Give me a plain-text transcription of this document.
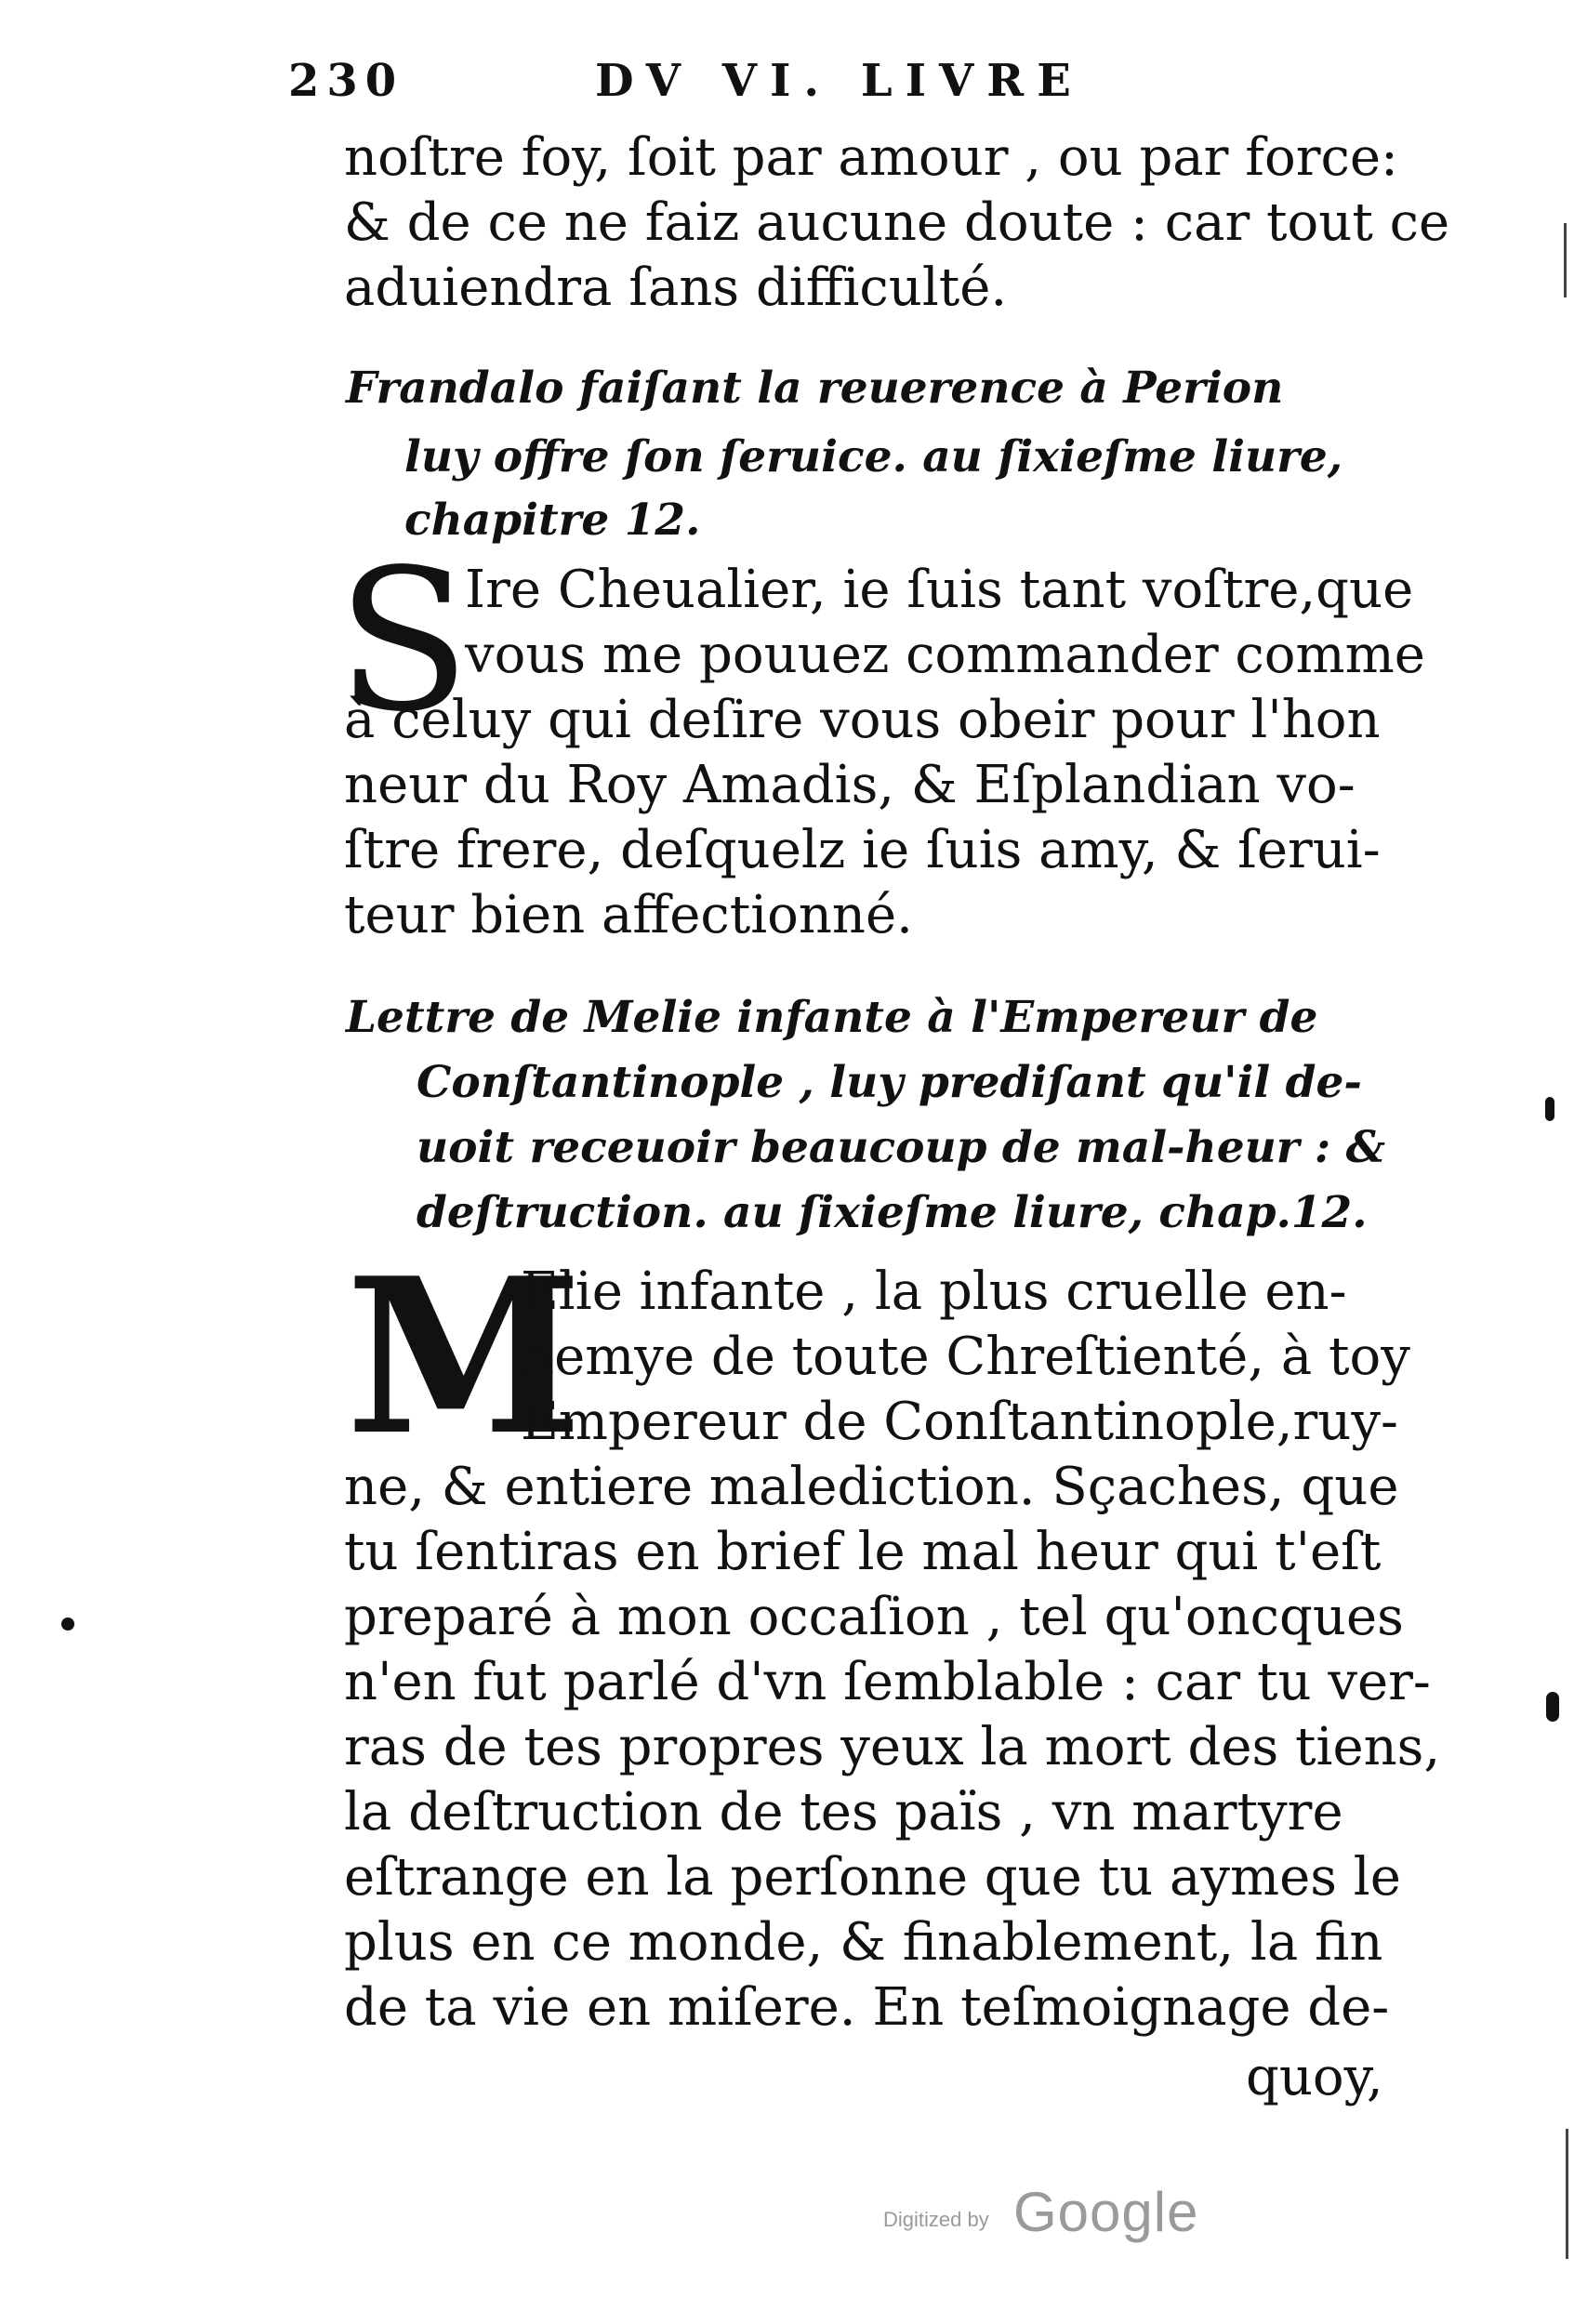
230	DV VI. LIVRE
noſtre foy, ſoit par amour , ou par force:
& de ce ne faiz aucune doute : car tout ce
aduiendra ſans difficulté.
Frandalo faiſant la reuerence à Perion
luy offre ſon ſeruice. au ſixieſme liure,
chapitre 12.
S
Ire Cheualier, ie ſuis tant voſtre,que
vous me pouuez commander comme
à celuy qui deſire vous obeir pour l'hon
neur du Roy Amadis, & Eſplandian vo-
ſtre frere, deſquelz ie ſuis amy, & ſerui-
teur bien affectionné.
Lettre de Melie infante à l'Empereur de
Conſtantinople , luy prediſant qu'il de-
uoit receuoir beaucoup de mal-heur : &
deſtruction. au ſixieſme liure, chap.12.
M
Elie infante , la plus cruelle en-
nemye de toute Chreſtienté, à toy
Empereur de Conſtantinople,ruy-
ne, & entiere malediction. Sçaches, que
tu ſentiras en brief le mal heur qui t'eſt
preparé à mon occaſion , tel qu'oncques
n'en fut parlé d'vn ſemblable : car tu ver-
ras de tes propres yeux la mort des tiens,
la deſtruction de tes païs , vn martyre
eſtrange en la perſonne que tu aymes le
plus en ce monde, & finablement, la fin
de ta vie en miſere. En teſmoignage de-
quoy,
Digitized by Google
